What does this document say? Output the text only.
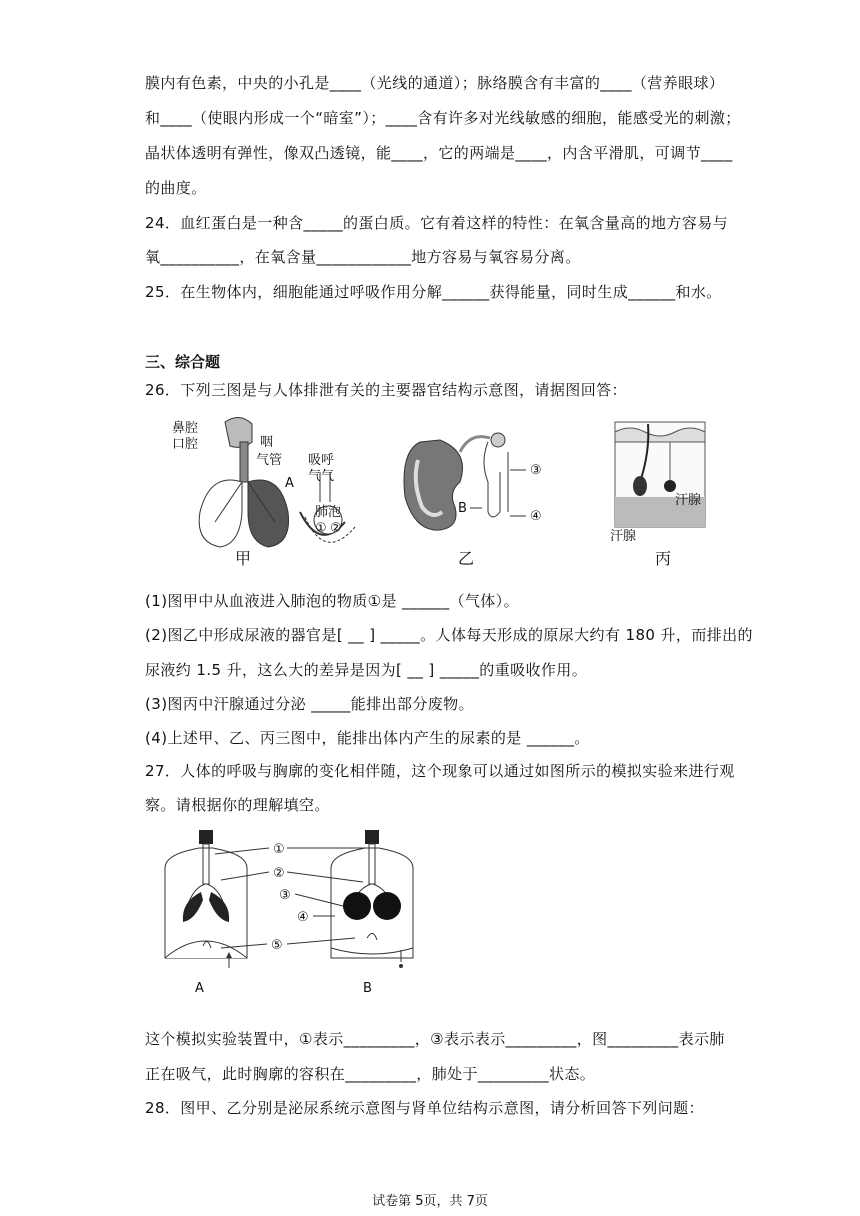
膜内有色素，中央的小孔是____（光线的通道）；脉络膜含有丰富的____（营养眼球）
和____（使眼内形成一个“暗室”）；____含有许多对光线敏感的细胞，能感受光的刺激；
晶状体透明有弹性，像双凸透镜，能____，它的两端是____，内含平滑肌，可调节____
的曲度。
24．血红蛋白是一种含_____的蛋白质。它有着这样的特性：在氧含量高的地方容易与
氧__________，在氧含量____________地方容易与氧容易分离。
25．在生物体内，细胞能通过呼吸作用分解______获得能量，同时生成______和水。
三、综合题
26．下列三图是与人体排泄有关的主要器官结构示意图，请据图回答：
鼻腔
口腔	咽
气管
A
吸呼
气气
肺泡
① ②
甲
B
③
④
乙
汗腺
汗腺
丙
(1)图甲中从血液进入肺泡的物质①是 ______（气体）。
(2)图乙中形成尿液的器官是[ __ ] _____。人体每天形成的原尿大约有 180 升，而排出的
尿液约 1.5 升，这么大的差异是因为[ __ ] _____的重吸收作用。
(3)图丙中汗腺通过分泌 _____能排出部分废物。
(4)上述甲、乙、丙三图中，能排出体内产生的尿素的是 ______。
27．人体的呼吸与胸廓的变化相伴随，这个现象可以通过如图所示的模拟实验来进行观
察。请根据你的理解填空。
A	B
①
②
③
④
⑤
这个模拟实验装置中，①表示_________，③表示表示_________，图_________表示肺
正在吸气，此时胸廓的容积在_________，肺处于_________状态。
28．图甲、乙分别是泌尿系统示意图与肾单位结构示意图，请分析回答下列问题：
试卷第 5页，共 7页
